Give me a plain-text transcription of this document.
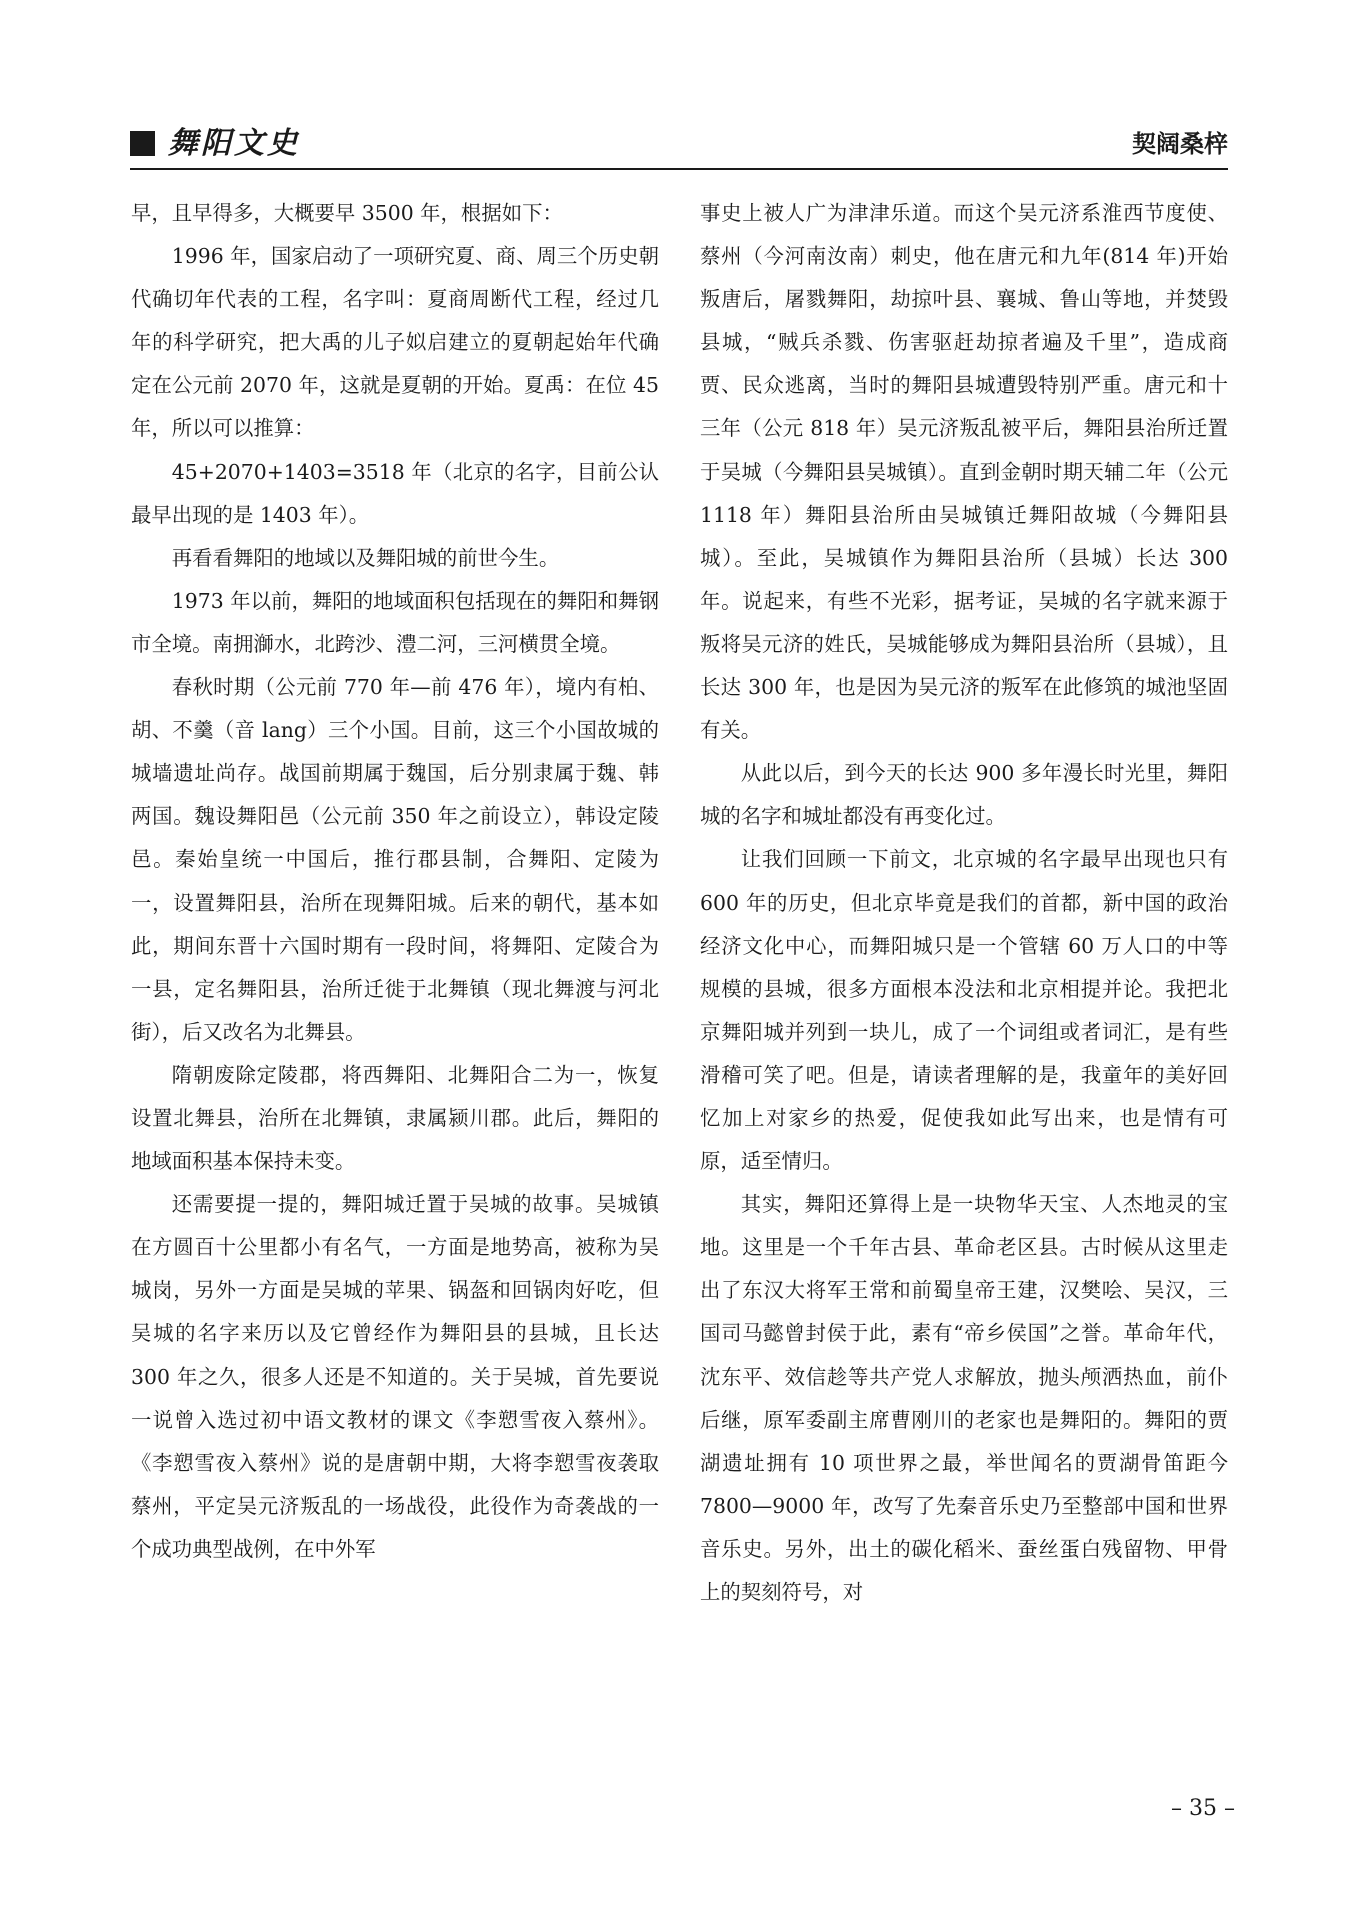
舞阳文史	契阔桑梓

早，且早得多，大概要早 3500 年，根据如下：

1996 年，国家启动了一项研究夏、商、周三个历史朝代确切年代表的工程，名字叫：夏商周断代工程，经过几年的科学研究，把大禹的儿子姒启建立的夏朝起始年代确定在公元前 2070 年，这就是夏朝的开始。夏禹：在位 45 年，所以可以推算：

45+2070+1403=3518 年（北京的名字，目前公认最早出现的是 1403 年）。

再看看舞阳的地域以及舞阳城的前世今生。

1973 年以前，舞阳的地域面积包括现在的舞阳和舞钢市全境。南拥溮水，北跨沙、澧二河，三河横贯全境。

春秋时期（公元前 770 年—前 476 年），境内有柏、胡、不羹（音 lang）三个小国。目前，这三个小国故城的城墙遗址尚存。战国前期属于魏国，后分别隶属于魏、韩两国。魏设舞阳邑（公元前 350 年之前设立），韩设定陵邑。秦始皇统一中国后，推行郡县制，合舞阳、定陵为一，设置舞阳县，治所在现舞阳城。后来的朝代，基本如此，期间东晋十六国时期有一段时间，将舞阳、定陵合为一县，定名舞阳县，治所迁徙于北舞镇（现北舞渡与河北街），后又改名为北舞县。

隋朝废除定陵郡，将西舞阳、北舞阳合二为一，恢复设置北舞县，治所在北舞镇，隶属颍川郡。此后，舞阳的地域面积基本保持未变。

还需要提一提的，舞阳城迁置于吴城的故事。吴城镇在方圆百十公里都小有名气，一方面是地势高，被称为吴城岗，另外一方面是吴城的苹果、锅盔和回锅肉好吃，但吴城的名字来历以及它曾经作为舞阳县的县城，且长达 300 年之久，很多人还是不知道的。关于吴城，首先要说一说曾入选过初中语文教材的课文《李愬雪夜入蔡州》。《李愬雪夜入蔡州》说的是唐朝中期，大将李愬雪夜袭取蔡州，平定吴元济叛乱的一场战役，此役作为奇袭战的一个成功典型战例，在中外军

事史上被人广为津津乐道。而这个吴元济系淮西节度使、蔡州（今河南汝南）刺史，他在唐元和九年(814 年)开始叛唐后，屠戮舞阳，劫掠叶县、襄城、鲁山等地，并焚毁县城，“贼兵杀戮、伤害驱赶劫掠者遍及千里”，造成商贾、民众逃离，当时的舞阳县城遭毁特别严重。唐元和十三年（公元 818 年）吴元济叛乱被平后，舞阳县治所迁置于吴城（今舞阳县吴城镇）。直到金朝时期天辅二年（公元 1118 年）舞阳县治所由吴城镇迁舞阳故城（今舞阳县城）。至此，吴城镇作为舞阳县治所（县城）长达 300 年。说起来，有些不光彩，据考证，吴城的名字就来源于叛将吴元济的姓氏，吴城能够成为舞阳县治所（县城），且长达 300 年，也是因为吴元济的叛军在此修筑的城池坚固有关。

从此以后，到今天的长达 900 多年漫长时光里，舞阳城的名字和城址都没有再变化过。

让我们回顾一下前文，北京城的名字最早出现也只有 600 年的历史，但北京毕竟是我们的首都，新中国的政治经济文化中心，而舞阳城只是一个管辖 60 万人口的中等规模的县城，很多方面根本没法和北京相提并论。我把北京舞阳城并列到一块儿，成了一个词组或者词汇，是有些滑稽可笑了吧。但是，请读者理解的是，我童年的美好回忆加上对家乡的热爱，促使我如此写出来，也是情有可原，适至情归。

其实，舞阳还算得上是一块物华天宝、人杰地灵的宝地。这里是一个千年古县、革命老区县。古时候从这里走出了东汉大将军王常和前蜀皇帝王建，汉樊哙、吴汉，三国司马懿曾封侯于此，素有“帝乡侯国”之誉。革命年代，沈东平、效信趁等共产党人求解放，抛头颅洒热血，前仆后继，原军委副主席曹刚川的老家也是舞阳的。舞阳的贾湖遗址拥有 10 项世界之最，举世闻名的贾湖骨笛距今 7800—9000 年，改写了先秦音乐史乃至整部中国和世界音乐史。另外，出土的碳化稻米、蚕丝蛋白残留物、甲骨上的契刻符号，对

– 35 –
